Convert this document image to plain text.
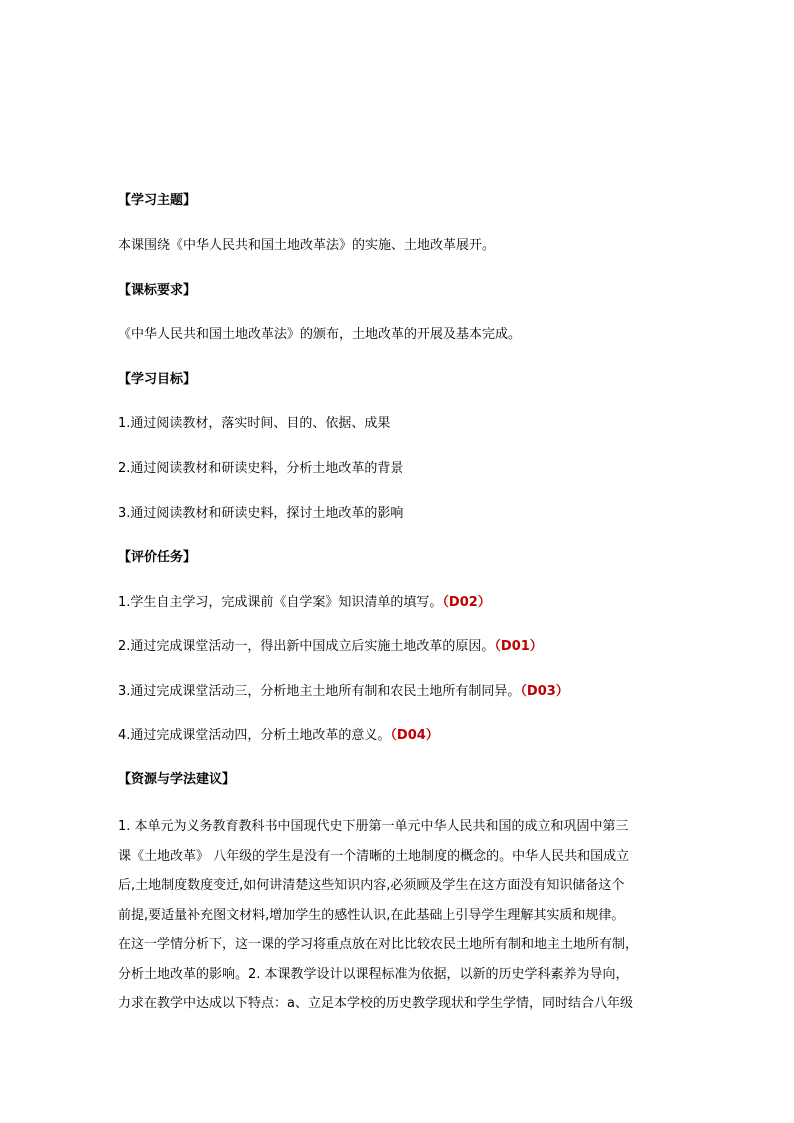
【学习主题】
本课围绕《中华人民共和国土地改革法》的实施、土地改革展开。
【课标要求】
《中华人民共和国土地改革法》的颁布，土地改革的开展及基本完成。
【学习目标】
1.通过阅读教材，落实时间、目的、依据、成果
2.通过阅读教材和研读史料，分析土地改革的背景
3.通过阅读教材和研读史料，探讨土地改革的影响
【评价任务】
1.学生自主学习，完成课前《自学案》知识清单的填写。（D02）
2.通过完成课堂活动一，得出新中国成立后实施土地改革的原因。（D01）
3.通过完成课堂活动三，分析地主土地所有制和农民土地所有制同异。（D03）
4.通过完成课堂活动四，分析土地改革的意义。（D04）
【资源与学法建议】
1. 本单元为义务教育教科书中国现代史下册第一单元中华人民共和国的成立和巩固中第三
课《土地改革》 八年级的学生是没有一个清晰的土地制度的概念的。中华人民共和国成立
后,土地制度数度变迁,如何讲清楚这些知识内容,必须顾及学生在这方面没有知识储备这个
前提,要适量补充图文材料,增加学生的感性认识,在此基础上引导学生理解其实质和规律。
在这一学情分析下，这一课的学习将重点放在对比比较农民土地所有制和地主土地所有制，
分析土地改革的影响。2. 本课教学设计以课程标准为依据，以新的历史学科素养为导向，
力求在教学中达成以下特点：a、立足本学校的历史教学现状和学生学情，同时结合八年级
